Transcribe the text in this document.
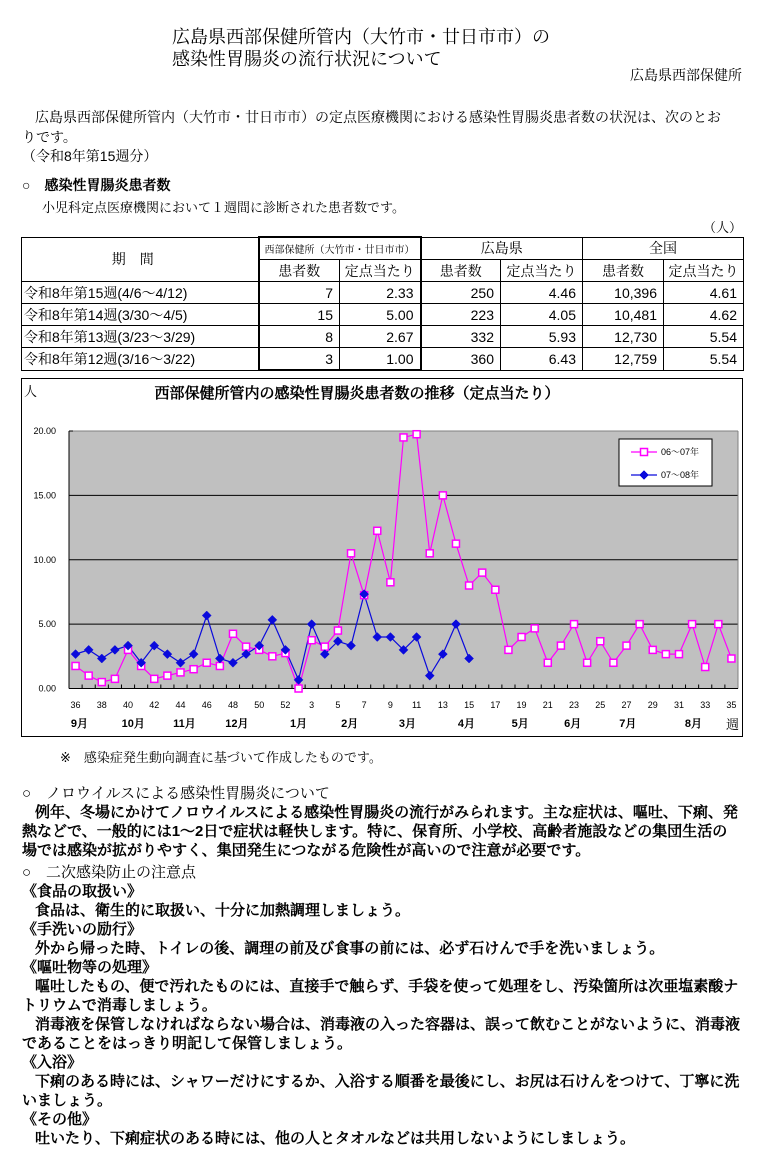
広島県西部保健所管内（大竹市・廿日市市）の
感染性胃腸炎の流行状況について
広島県西部保健所
広島県西部保健所管内（大竹市・廿日市市）の定点医療機関における感染性胃腸炎患者数の状況は、次のとお
りです。
（令和8年第15週分）
○　感染性胃腸炎患者数
小児科定点医療機関において１週間に診断された患者数です。
（人）
期間	西部保健所（大竹市・廿日市市）		広島県		全国	
	患者数	定点当たり	患者数	定点当たり	患者数	定点当たり
令和8年第15週(4/6～4/12)	7	2.33	250	4.46	10,396	4.61
令和8年第14週(3/30～4/5)	15	5.00	223	4.05	10,481	4.62
令和8年第13週(3/23～3/29)	8	2.67	332	5.93	12,730	5.54
令和8年第12週(3/16～3/22)	3	1.00	360	6.43	12,759	5.54
0.00
5.00
10.00
15.00
20.00
36 38 40 42 44 46 48 50 52 3 5 7 9 11 13 15 17 19 21 23 25 27 29 31 33 35
9月	10月	11月	12月	1月	2月	3月	4月	5月	6月	7月	8月
人
週
西部保健所管内の感染性胃腸炎患者数の推移（定点当たり）
06～07年
07～08年
※　感染症発生動向調査に基づいて作成したものです。
○　ノロウイルスによる感染性胃腸炎について
例年、冬場にかけてノロウイルスによる感染性胃腸炎の流行がみられます。主な症状は、嘔吐、下痢、発
熱などで、一般的には1～2日で症状は軽快します。特に、保育所、小学校、高齢者施設などの集団生活の
場では感染が拡がりやすく、集団発生につながる危険性が高いので注意が必要です。
○　二次感染防止の注意点
《食品の取扱い》
食品は、衛生的に取扱い、十分に加熱調理しましょう。
《手洗いの励行》
外から帰った時、トイレの後、調理の前及び食事の前には、必ず石けんで手を洗いましょう。
《嘔吐物等の処理》
嘔吐したもの、便で汚れたものには、直接手で触らず、手袋を使って処理をし、汚染箇所は次亜塩素酸ナ
トリウムで消毒しましょう。
消毒液を保管しなければならない場合は、消毒液の入った容器は、誤って飲むことがないように、消毒液
であることをはっきり明記して保管しましょう。
《入浴》
下痢のある時には、シャワーだけにするか、入浴する順番を最後にし、お尻は石けんをつけて、丁寧に洗
いましょう。
《その他》
吐いたり、下痢症状のある時には、他の人とタオルなどは共用しないようにしましょう。
